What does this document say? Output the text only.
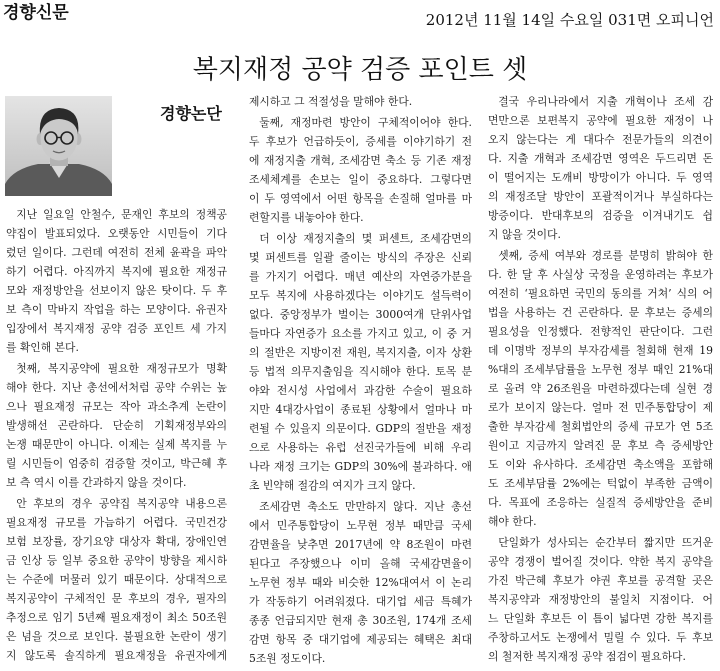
경향신문	2012년 11월 14일 수요일 031면 오피니언
복지재정 공약 검증 포인트 셋
경향논단
지난 일요일 안철수, 문재인 후보의 정책공
약집이 발표되었다. 오랫동안 시민들이 기다
렸던 일이다. 그런데 여전히 전체 윤곽을 파악
하기 어렵다. 아직까지 복지에 필요한 재정규
모와 재정방안을 선보이지 않은 탓이다. 두 후
보 측이 막바지 작업을 하는 모양이다. 유권자
입장에서 복지재정 공약 검증 포인트 세 가지
를 확인해 본다.
첫째, 복지공약에 필요한 재정규모가 명확
해야 한다. 지난 총선에서처럼 공약 수위는 높
으나 필요재정 규모는 작아 과소추계 논란이
발생해선 곤란하다. 단순히 기획재정부와의
논쟁 때문만이 아니다. 이제는 실제 복지를 누
릴 시민들이 엄중히 검증할 것이고, 박근혜 후
보 측 역시 이를 간과하지 않을 것이다.
안 후보의 경우 공약집 복지공약 내용으론
필요재정 규모를 가늠하기 어렵다. 국민건강
보험 보장률, 장기요양 대상자 확대, 장애인연
금 인상 등 일부 중요한 공약이 방향을 제시하
는 수준에 머물러 있기 때문이다. 상대적으로
복지공약이 구체적인 문 후보의 경우, 필자의
추정으로 임기 5년째 필요재정이 최소 50조원
은 넘을 것으로 보인다. 불필요한 논란이 생기
지 않도록 솔직하게 필요재정을 유권자에게
제시하고 그 적절성을 말해야 한다.
둘째, 재정마련 방안이 구체적이어야 한다.
두 후보가 언급하듯이, 증세를 이야기하기 전
에 재정지출 개혁, 조세감면 축소 등 기존 재정
조세체계를 손보는 일이 중요하다. 그렇다면
이 두 영역에서 어떤 항목을 손질해 얼마를 마
련할지를 내놓아야 한다.
더 이상 재정지출의 몇 퍼센트, 조세감면의
몇 퍼센트를 일괄 줄이는 방식의 주장은 신뢰
를 가지기 어렵다. 매년 예산의 자연증가분을
모두 복지에 사용하겠다는 이야기도 설득력이
없다. 중앙정부가 벌이는 3000여개 단위사업
들마다 자연증가 요소를 가지고 있고, 이 중 거
의 절반은 지방이전 재원, 복지지출, 이자 상환
등 법적 의무지출임을 직시해야 한다. 토목 분
야와 전시성 사업에서 과감한 수술이 필요하
지만 4대강사업이 종료된 상황에서 얼마나 마
련될 수 있을지 의문이다. GDP의 절반을 재정
으로 사용하는 유럽 선진국가들에 비해 우리
나라 재정 크기는 GDP의 30%에 불과하다. 애
초 빈약해 절감의 여지가 크지 않다.
조세감면 축소도 만만하지 않다. 지난 총선
에서 민주통합당이 노무현 정부 때만큼 국세
감면율을 낮추면 2017년에 약 8조원이 마련
된다고 주장했으나 이미 올해 국세감면율이
노무현 정부 때와 비슷한 12%대여서 이 논리
가 작동하기 어려워졌다. 대기업 세금 특혜가
종종 언급되지만 현재 총 30조원, 174개 조세
감면 항목 중 대기업에 제공되는 혜택은 최대
5조원 정도이다.
결국 우리나라에서 지출 개혁이나 조세 감
면만으론 보편복지 공약에 필요한 재정이 나
오지 않는다는 게 대다수 전문가들의 의견이
다. 지출 개혁과 조세감면 영역은 두드리면 돈
이 떨어지는 도깨비 방망이가 아니다. 두 영역
의 재정조달 방안이 포괄적이거나 부실하다는
방증이다. 반대후보의 검증을 이겨내기도 쉽
지 않을 것이다.
셋째, 증세 여부와 경로를 분명히 밝혀야 한
다. 한 달 후 사실상 국정을 운영하려는 후보가
여전히 ‘필요하면 국민의 동의를 거쳐’ 식의 어
법을 사용하는 건 곤란하다. 문 후보는 증세의
필요성을 인정했다. 전향적인 판단이다. 그런
데 이명박 정부의 부자감세를 철회해 현재 19
%대의 조세부담률을 노무현 정부 때인 21%대
로 올려 약 26조원을 마련하겠다는데 실현 경
로가 보이지 않는다. 얼마 전 민주통합당이 제
출한 부자감세 철회법안의 증세 규모가 연 5조
원이고 지금까지 알려진 문 후보 측 증세방안
도 이와 유사하다. 조세감면 축소액을 포함해
도 조세부담률 2%에는 턱없이 부족한 금액이
다. 목표에 조응하는 실질적 증세방안을 준비
해야 한다.
단일화가 성사되는 순간부터 짧지만 뜨거운
공약 경쟁이 벌어질 것이다. 약한 복지 공약을
가진 박근혜 후보가 야권 후보를 공격할 곳은
복지공약과 재정방안의 불일치 지점이다. 어
느 단일화 후보든 이 틈이 넓다면 강한 복지를
주창하고서도 논쟁에서 밀릴 수 있다. 두 후보
의 철저한 복지재정 공약 점검이 필요하다.
